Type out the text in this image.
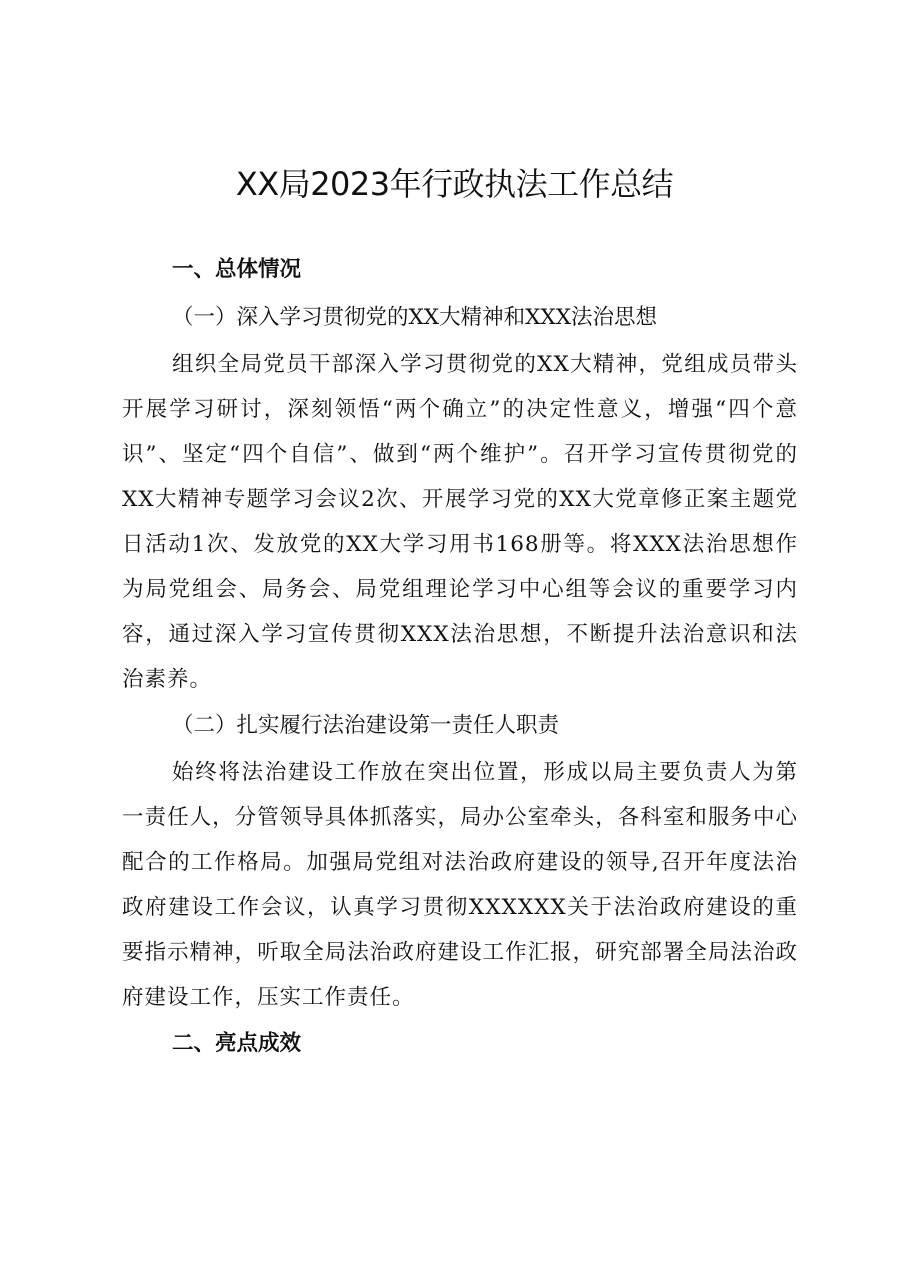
XX局2023年行政执法工作总结
一、总体情况
（一）深入学习贯彻党的XX大精神和XXX法治思想

组织全局党员干部深入学习贯彻党的XX大精神，党组成员带头开展学习研讨，深刻领悟“两个确立”的决定性意义，增强“四个意识”、坚定“四个自信”、做到“两个维护”。召开学习宣传贯彻党的XX大精神专题学习会议2次、开展学习党的XX大党章修正案主题党日活动1次、发放党的XX大学习用书168册等。将XXX法治思想作为局党组会、局务会、局党组理论学习中心组等会议的重要学习内容，通过深入学习宣传贯彻XXX法治思想，不断提升法治意识和法治素养。

（二）扎实履行法治建设第一责任人职责

始终将法治建设工作放在突出位置，形成以局主要负责人为第一责任人，分管领导具体抓落实，局办公室牵头，各科室和服务中心配合的工作格局。加强局党组对法治政府建设的领导,召开年度法治政府建设工作会议，认真学习贯彻XXXXXX关于法治政府建设的重要指示精神，听取全局法治政府建设工作汇报，研究部署全局法治政府建设工作，压实工作责任。

二、亮点成效
